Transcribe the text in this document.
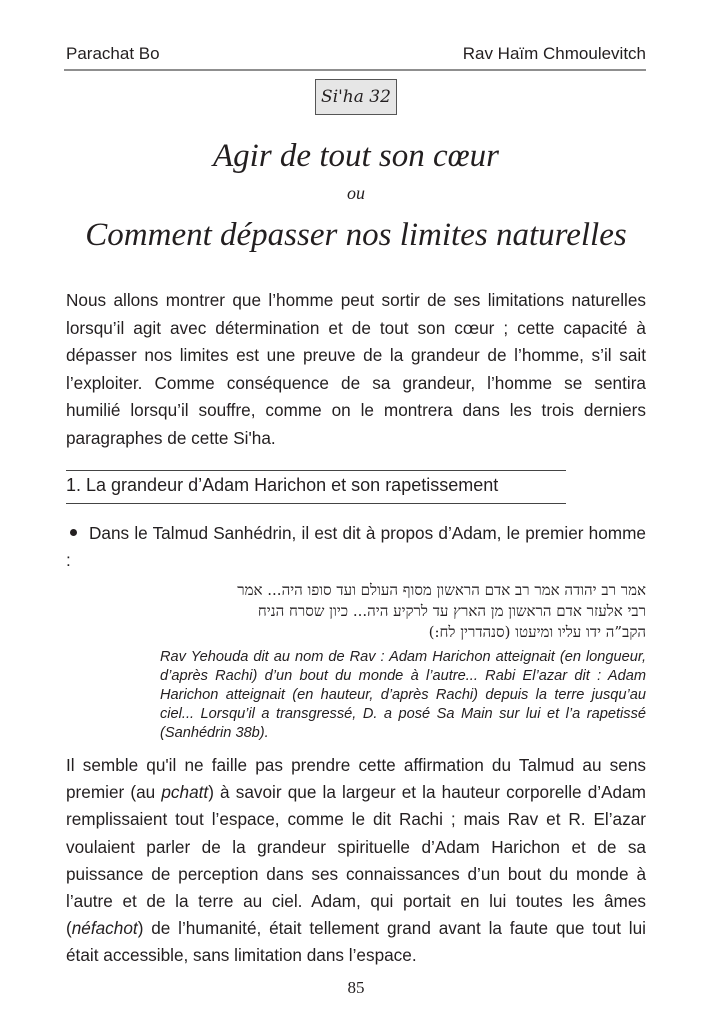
Parachat Bo	Rav Haïm Chmoulevitch
Si'ha 32
Agir de tout son cœur
ou
Comment dépasser nos limites naturelles

Nous allons montrer que l’homme peut sortir de ses limitations naturelles lorsqu’il agit avec détermination et de tout son cœur ; cette capacité à dépasser nos limites est une preuve de la grandeur de l’homme, s’il sait l’exploiter. Comme conséquence de sa grandeur, l’homme se sentira humilié lorsqu’il souffre, comme on le montrera dans les trois derniers paragraphes de cette Si'ha.

1. La grandeur d’Adam Harichon et son rapetissement

Dans le Talmud Sanhédrin, il est dit à propos d’Adam, le premier homme :

אמר רב יהודה אמר רב אדם הראשון מסוף העולם ועד סופו היה... אמר
רבי אלעזר אדם הראשון מן הארץ עד לרקיע היה... כיון שסרח הניח
הקב”ה ידו עליו ומיעטו (סנהדרין לח:)

Rav Yehouda dit au nom de Rav : Adam Harichon atteignait (en longueur, d’après Rachi) d’un bout du monde à l’autre... Rabi El’azar dit : Adam Harichon atteignait (en hauteur, d’après Rachi) depuis la terre jusqu’au ciel... Lorsqu’il a transgressé, D. a posé Sa Main sur lui et l’a rapetissé (Sanhédrin 38b).

Il semble qu'il ne faille pas prendre cette affirmation du Talmud au sens premier (au pchatt) à savoir que la largeur et la hauteur corporelle d’Adam remplissaient tout l’espace, comme le dit Rachi ; mais Rav et R. El’azar voulaient parler de la grandeur spirituelle d’Adam Harichon et de sa puissance de perception dans ses connaissances d’un bout du monde à l’autre et de la terre au ciel. Adam, qui portait en lui toutes les âmes (néfachot) de l’humanité, était tellement grand avant la faute que tout lui était accessible, sans limitation dans l’espace.

85
